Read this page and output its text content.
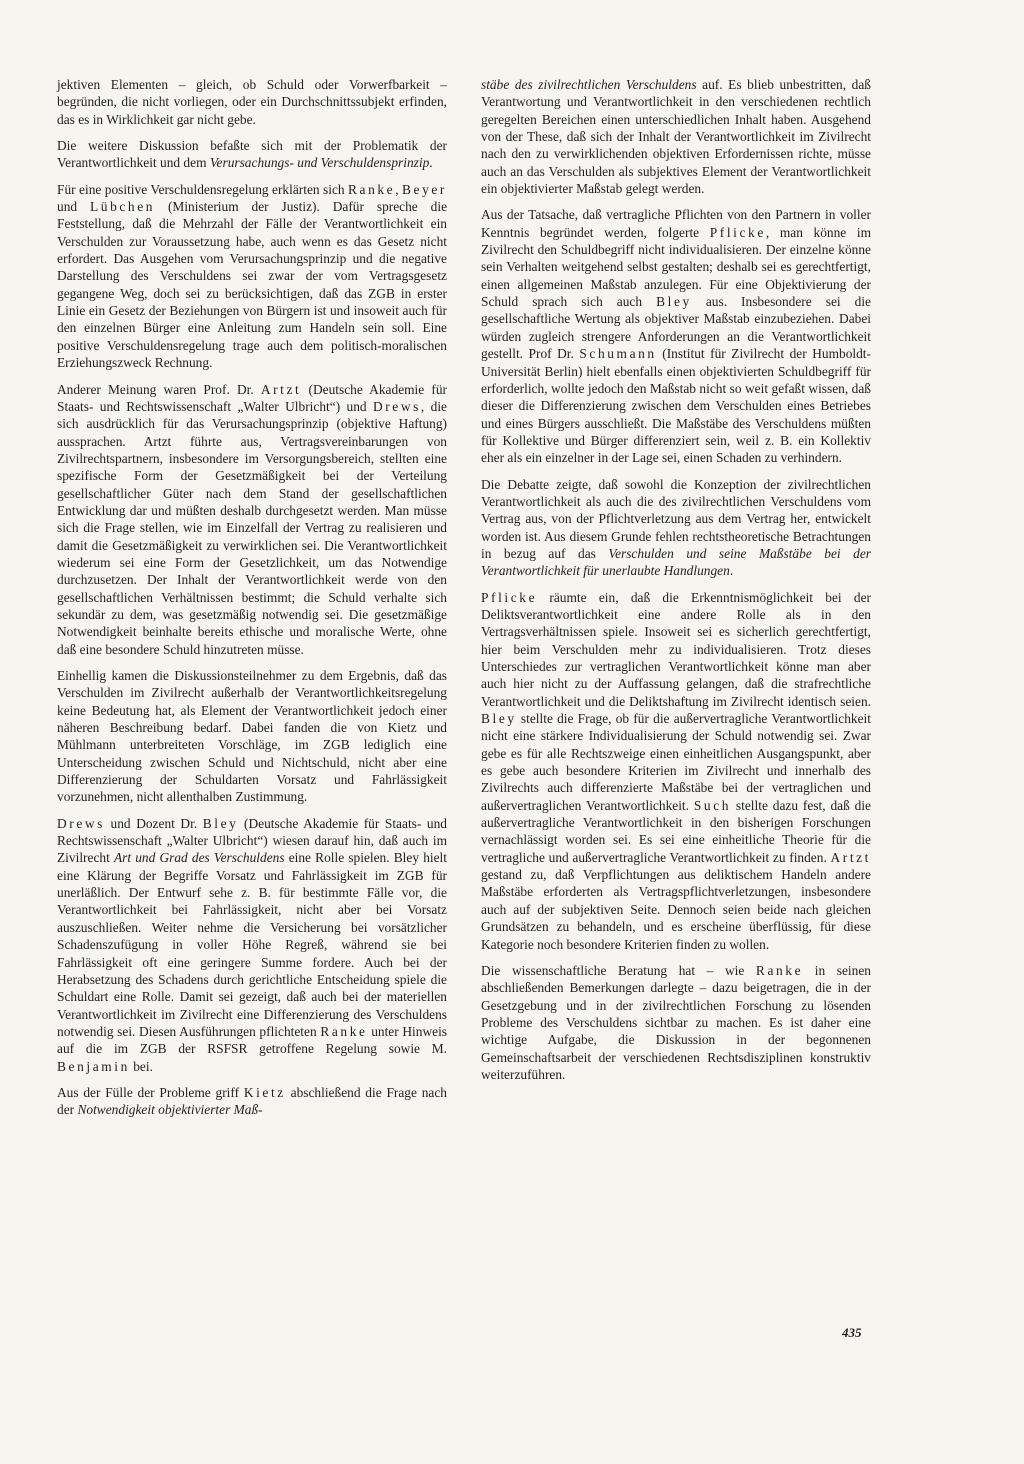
jektiven Elementen – gleich, ob Schuld oder Vorwerfbarkeit – begründen, die nicht vorliegen, oder ein Durchschnittssubjekt erfinden, das es in Wirklichkeit gar nicht gebe.

Die weitere Diskussion befaßte sich mit der Problematik der Verantwortlichkeit und dem Verursachungs- und Verschuldensprinzip.

Für eine positive Verschuldensregelung erklärten sich Ranke, Beyer und Lübchen (Ministerium der Justiz). Dafür spreche die Feststellung, daß die Mehrzahl der Fälle der Verantwortlichkeit ein Verschulden zur Voraussetzung habe, auch wenn es das Gesetz nicht erfordert. Das Ausgehen vom Verursachungsprinzip und die negative Darstellung des Verschuldens sei zwar der vom Vertragsgesetz gegangene Weg, doch sei zu berücksichtigen, daß das ZGB in erster Linie ein Gesetz der Beziehungen von Bürgern ist und insoweit auch für den einzelnen Bürger eine Anleitung zum Handeln sein soll. Eine positive Verschuldensregelung trage auch dem politisch-moralischen Erziehungszweck Rechnung.

Anderer Meinung waren Prof. Dr. Artzt (Deutsche Akademie für Staats- und Rechtswissenschaft „Walter Ulbricht“) und Drews, die sich ausdrücklich für das Verursachungsprinzip (objektive Haftung) aussprachen. Artzt führte aus, Vertragsvereinbarungen von Zivilrechtspartnern, insbesondere im Versorgungsbereich, stellten eine spezifische Form der Gesetzmäßigkeit bei der Verteilung gesellschaftlicher Güter nach dem Stand der gesellschaftlichen Entwicklung dar und müßten deshalb durchgesetzt werden. Man müsse sich die Frage stellen, wie im Einzelfall der Vertrag zu realisieren und damit die Gesetzmäßigkeit zu verwirklichen sei. Die Verantwortlichkeit wiederum sei eine Form der Gesetzlichkeit, um das Notwendige durchzusetzen. Der Inhalt der Verantwortlichkeit werde von den gesellschaftlichen Verhältnissen bestimmt; die Schuld verhalte sich sekundär zu dem, was gesetzmäßig notwendig sei. Die gesetzmäßige Notwendigkeit beinhalte bereits ethische und moralische Werte, ohne daß eine besondere Schuld hinzutreten müsse.

Einhellig kamen die Diskussionsteilnehmer zu dem Ergebnis, daß das Verschulden im Zivilrecht außerhalb der Verantwortlichkeitsregelung keine Bedeutung hat, als Element der Verantwortlichkeit jedoch einer näheren Beschreibung bedarf. Dabei fanden die von Kietz und Mühlmann unterbreiteten Vorschläge, im ZGB lediglich eine Unterscheidung zwischen Schuld und Nichtschuld, nicht aber eine Differenzierung der Schuldarten Vorsatz und Fahrlässigkeit vorzunehmen, nicht allenthalben Zustimmung.

Drews und Dozent Dr. Bley (Deutsche Akademie für Staats- und Rechtswissenschaft „Walter Ulbricht“) wiesen darauf hin, daß auch im Zivilrecht Art und Grad des Verschuldens eine Rolle spielen. Bley hielt eine Klärung der Begriffe Vorsatz und Fahrlässigkeit im ZGB für unerläßlich. Der Entwurf sehe z. B. für bestimmte Fälle vor, die Verantwortlichkeit bei Fahrlässigkeit, nicht aber bei Vorsatz auszuschließen. Weiter nehme die Versicherung bei vorsätzlicher Schadenszufügung in voller Höhe Regreß, während sie bei Fahrlässigkeit oft eine geringere Summe fordere. Auch bei der Herabsetzung des Schadens durch gerichtliche Entscheidung spiele die Schuldart eine Rolle. Damit sei gezeigt, daß auch bei der materiellen Verantwortlichkeit im Zivilrecht eine Differenzierung des Verschuldens notwendig sei. Diesen Ausführungen pflichteten Ranke unter Hinweis auf die im ZGB der RSFSR getroffene Regelung sowie M. Benjamin bei.

Aus der Fülle der Probleme griff Kietz abschließend die Frage nach der Notwendigkeit objektivierter Maß-

stäbe des zivilrechtlichen Verschuldens auf. Es blieb unbestritten, daß Verantwortung und Verantwortlichkeit in den verschiedenen rechtlich geregelten Bereichen einen unterschiedlichen Inhalt haben. Ausgehend von der These, daß sich der Inhalt der Verantwortlichkeit im Zivilrecht nach den zu verwirklichenden objektiven Erfordernissen richte, müsse auch an das Verschulden als subjektives Element der Verantwortlichkeit ein objektivierter Maßstab gelegt werden.

Aus der Tatsache, daß vertragliche Pflichten von den Partnern in voller Kenntnis begründet werden, folgerte Pflicke, man könne im Zivilrecht den Schuldbegriff nicht individualisieren. Der einzelne könne sein Verhalten weitgehend selbst gestalten; deshalb sei es gerechtfertigt, einen allgemeinen Maßstab anzulegen. Für eine Objektivierung der Schuld sprach sich auch Bley aus. Insbesondere sei die gesellschaftliche Wertung als objektiver Maßstab einzubeziehen. Dabei würden zugleich strengere Anforderungen an die Verantwortlichkeit gestellt. Prof Dr. Schumann (Institut für Zivilrecht der Humboldt-Universität Berlin) hielt ebenfalls einen objektivierten Schuldbegriff für erforderlich, wollte jedoch den Maßstab nicht so weit gefaßt wissen, daß dieser die Differenzierung zwischen dem Verschulden eines Betriebes und eines Bürgers ausschließt. Die Maßstäbe des Verschuldens müßten für Kollektive und Bürger differenziert sein, weil z. B. ein Kollektiv eher als ein einzelner in der Lage sei, einen Schaden zu verhindern.

Die Debatte zeigte, daß sowohl die Konzeption der zivilrechtlichen Verantwortlichkeit als auch die des zivilrechtlichen Verschuldens vom Vertrag aus, von der Pflichtverletzung aus dem Vertrag her, entwickelt worden ist. Aus diesem Grunde fehlen rechtstheoretische Betrachtungen in bezug auf das Verschulden und seine Maßstäbe bei der Verantwortlichkeit für unerlaubte Handlungen.

Pflicke räumte ein, daß die Erkenntnismöglichkeit bei der Deliktsverantwortlichkeit eine andere Rolle als in den Vertragsverhältnissen spiele. Insoweit sei es sicherlich gerechtfertigt, hier beim Verschulden mehr zu individualisieren. Trotz dieses Unterschiedes zur vertraglichen Verantwortlichkeit könne man aber auch hier nicht zu der Auffassung gelangen, daß die strafrechtliche Verantwortlichkeit und die Deliktshaftung im Zivilrecht identisch seien. Bley stellte die Frage, ob für die außervertragliche Verantwortlichkeit nicht eine stärkere Individualisierung der Schuld notwendig sei. Zwar gebe es für alle Rechtszweige einen einheitlichen Ausgangspunkt, aber es gebe auch besondere Kriterien im Zivilrecht und innerhalb des Zivilrechts auch differenzierte Maßstäbe bei der vertraglichen und außervertraglichen Verantwortlichkeit. Such stellte dazu fest, daß die außervertragliche Verantwortlichkeit in den bisherigen Forschungen vernachlässigt worden sei. Es sei eine einheitliche Theorie für die vertragliche und außervertragliche Verantwortlichkeit zu finden. Artzt gestand zu, daß Verpflichtungen aus deliktischem Handeln andere Maßstäbe erforderten als Vertragspflichtverletzungen, insbesondere auch auf der subjektiven Seite. Dennoch seien beide nach gleichen Grundsätzen zu behandeln, und es erscheine überflüssig, für diese Kategorie noch besondere Kriterien finden zu wollen.

Die wissenschaftliche Beratung hat – wie Ranke in seinen abschließenden Bemerkungen darlegte – dazu beigetragen, die in der Gesetzgebung und in der zivilrechtlichen Forschung zu lösenden Probleme des Verschuldens sichtbar zu machen. Es ist daher eine wichtige Aufgabe, die Diskussion in der begonnenen Gemeinschaftsarbeit der verschiedenen Rechtsdisziplinen konstruktiv weiterzuführen.

435
